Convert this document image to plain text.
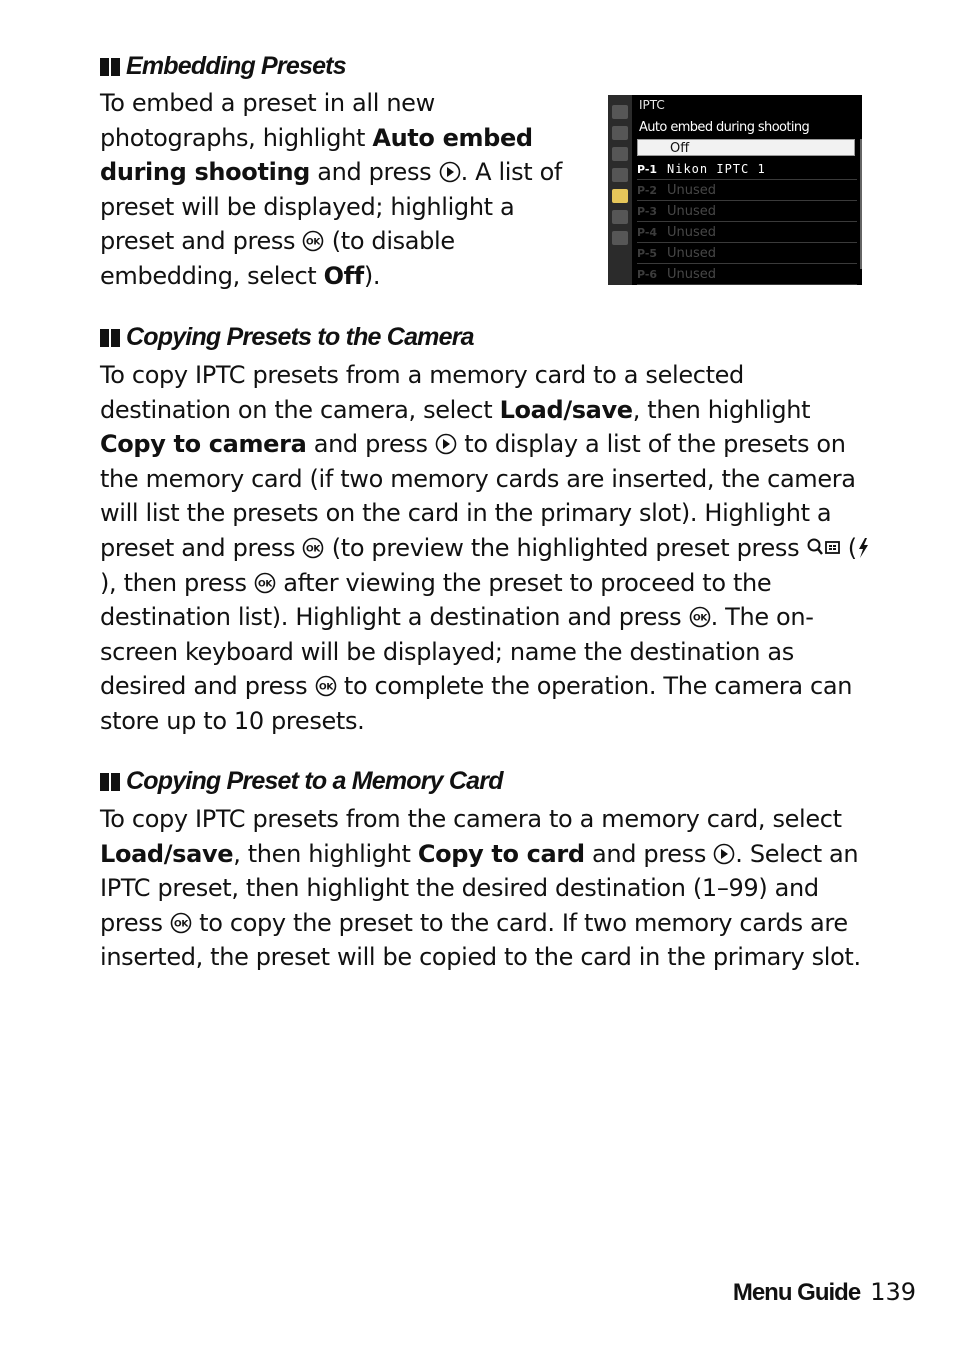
Embedding Presets

To embed a preset in all new photographs, highlight Auto embed during shooting and press
. A list of preset will be displayed; highlight a preset and press OK (to disable embedding, select Off).

IPTC
Auto embed during shooting
Off
P-1 Nikon IPTC 1
P-2 Unused
P-3 Unused
P-4 Unused
P-5 Unused
P-6 Unused
Copying Presets to the Camera

To copy IPTC presets from a memory card to a selected destination on the camera, select Load/save, then highlight Copy to camera and press
to display a list of the presets on the memory card (if two memory cards are inserted, the camera will list the presets on the card in the primary slot). Highlight a preset and press OK (to preview the highlighted preset press
(
), then press OK after viewing the preset to proceed to the destination list). Highlight a destination and press OK . The on-screen keyboard will be displayed; name the destination as desired and press OK to complete the operation. The camera can store up to 10 presets.

Copying Preset to a Memory Card

To copy IPTC presets from the camera to a memory card, select Load/save, then highlight Copy to card and press
. Select an IPTC preset, then highlight the desired destination (1–99) and press OK to copy the preset to the card. If two memory cards are inserted, the preset will be copied to the card in the primary slot.

Menu Guide 139
